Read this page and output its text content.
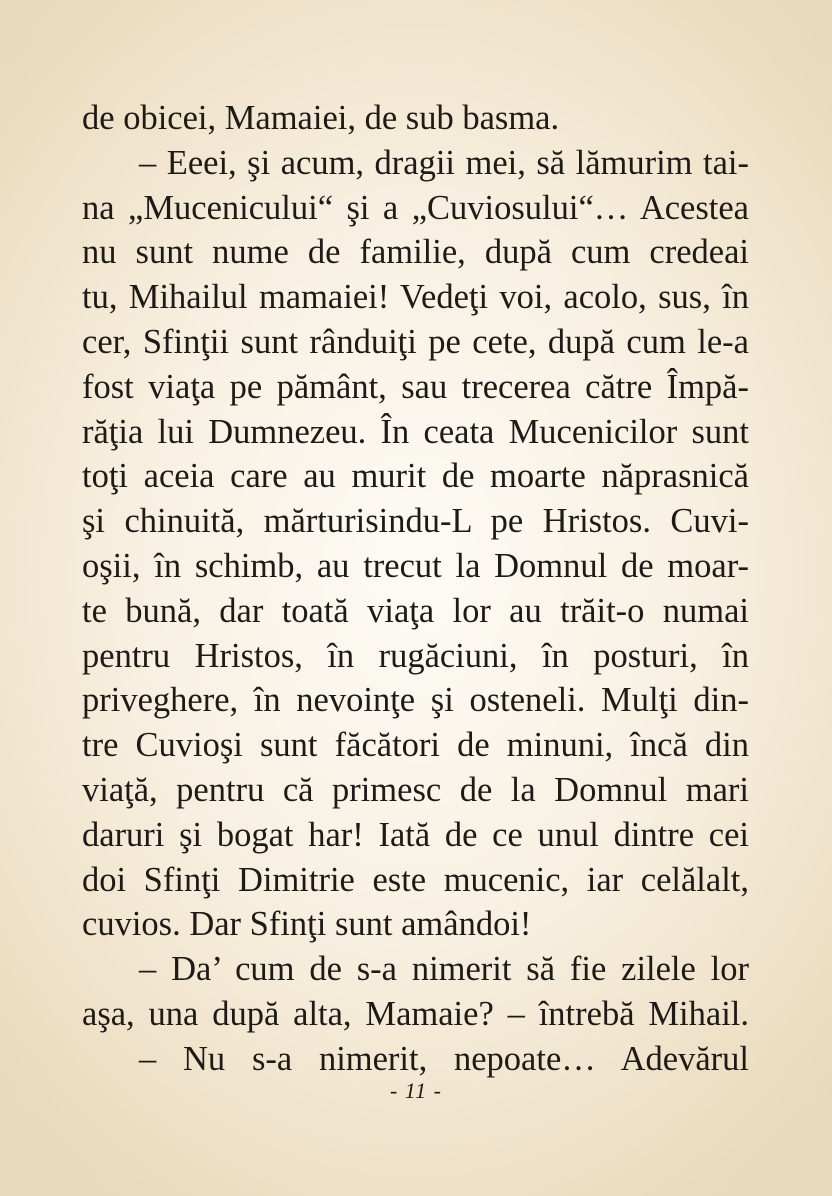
de obicei, Mamaiei, de sub basma.
– Eeei, şi acum, dragii mei, să lămurim tai-
na „Mucenicului“ şi a „Cuviosului“… Acestea
nu sunt nume de familie, după cum credeai
tu, Mihailul mamaiei! Vedeţi voi, acolo, sus, în
cer, Sfinţii sunt rânduiţi pe cete, după cum le-a
fost viaţa pe pământ, sau trecerea către Împă-
răţia lui Dumnezeu. În ceata Mucenicilor sunt
toţi aceia care au murit de moarte năprasnică
şi chinuită, mărturisindu-L pe Hristos. Cuvi-
oşii, în schimb, au trecut la Domnul de moar-
te bună, dar toată viaţa lor au trăit-o numai
pentru Hristos, în rugăciuni, în posturi, în
priveghere, în nevoinţe şi osteneli. Mulţi din-
tre Cuvioşi sunt făcători de minuni, încă din
viaţă, pentru că primesc de la Domnul mari
daruri şi bogat har! Iată de ce unul dintre cei
doi Sfinţi Dimitrie este mucenic, iar celălalt,
cuvios. Dar Sfinţi sunt amândoi!
– Da’ cum de s-a nimerit să fie zilele lor
aşa, una după alta, Mamaie? – întrebă Mihail.
– Nu s-a nimerit, nepoate… Adevărul
- 11 -
